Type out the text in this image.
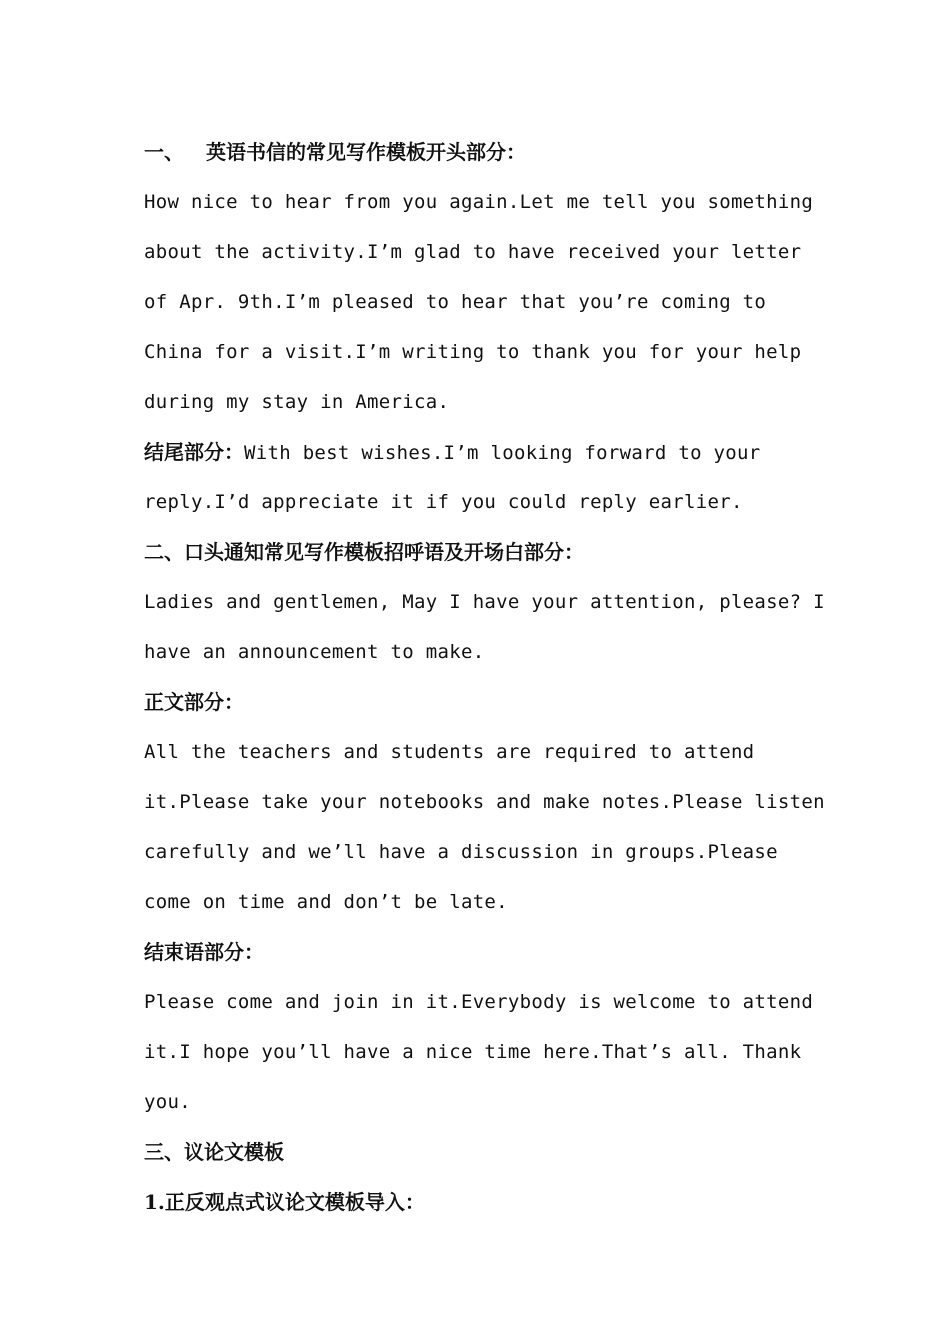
一、 英语书信的常见写作模板开头部分：
How nice to hear from you again.Let me tell you something
about the activity.I’m glad to have received your letter
of Apr. 9th.I’m pleased to hear that you’re coming to
China for a visit.I’m writing to thank you for your help
during my stay in America.
结尾部分：With best wishes.I’m looking forward to your
reply.I’d appreciate it if you could reply earlier.
二、口头通知常见写作模板招呼语及开场白部分：
Ladies and gentlemen, May I have your attention, please? I
have an announcement to make.
正文部分：
All the teachers and students are required to attend
it.Please take your notebooks and make notes.Please listen
carefully and we’ll have a discussion in groups.Please
come on time and don’t be late.
结束语部分：
Please come and join in it.Everybody is welcome to attend
it.I hope you’ll have a nice time here.That’s all. Thank
you.
三、议论文模板
1.正反观点式议论文模板导入：
